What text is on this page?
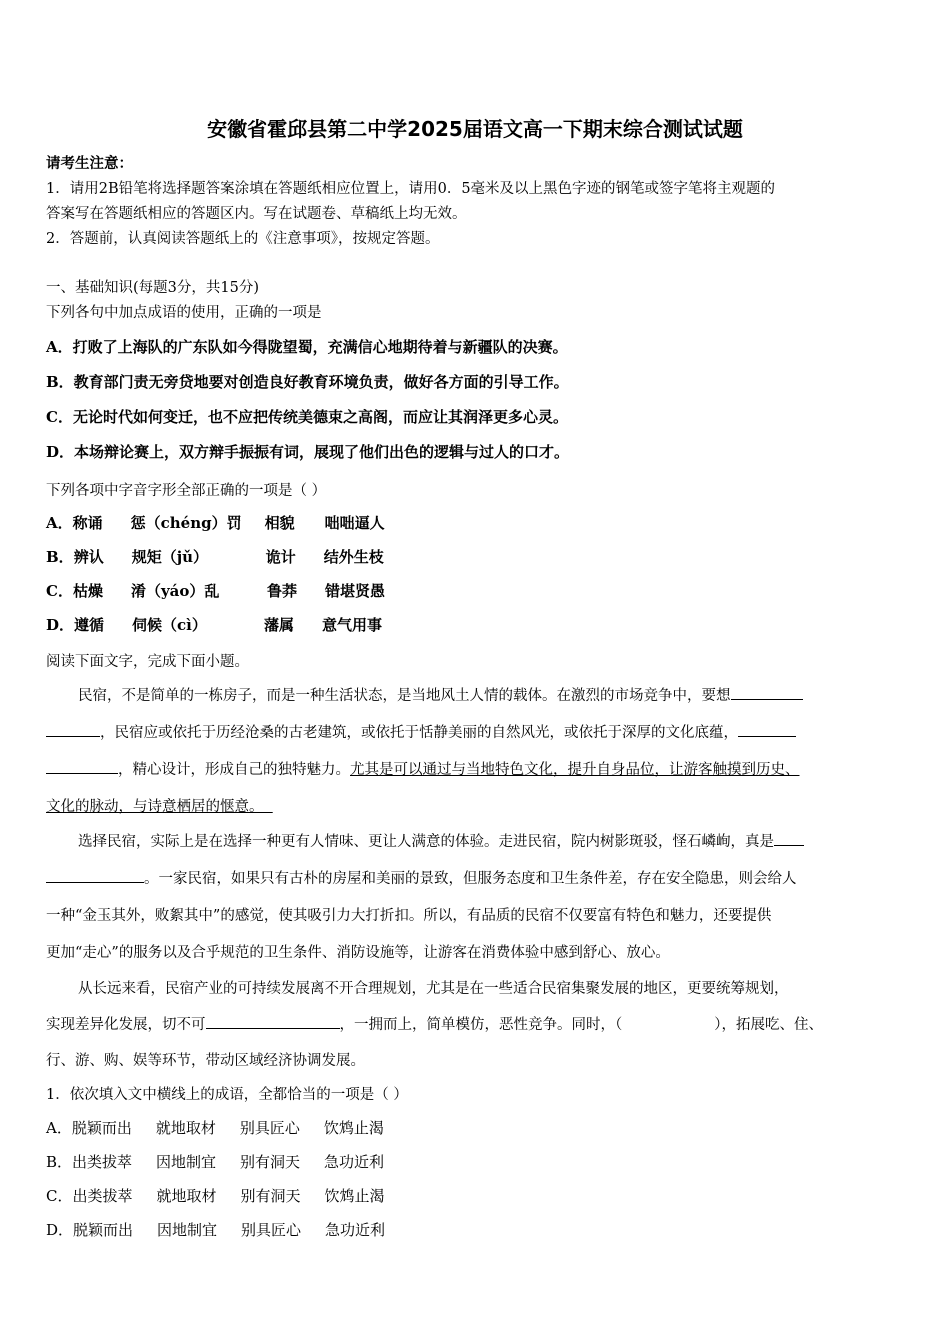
安徽省霍邱县第二中学2025届语文高一下期末综合测试试题
请考生注意：
1．请用2B铅笔将选择题答案涂填在答题纸相应位置上，请用0．5毫米及以上黑色字迹的钢笔或签字笔将主观题的
答案写在答题纸相应的答题区内。写在试题卷、草稿纸上均无效。
2．答题前，认真阅读答题纸上的《注意事项》，按规定答题。
一、基础知识(每题3分，共15分)
下列各句中加点成语的使用，正确的一项是
A．打败了上海队的广东队如今得陇望蜀，充满信心地期待着与新疆队的决赛。
B．教育部门责无旁贷地要对创造良好教育环境负责，做好各方面的引导工作。
C．无论时代如何变迁，也不应把传统美德束之高阁，而应让其润泽更多心灵。
D．本场辩论赛上，双方辩手振振有词，展现了他们出色的逻辑与过人的口才。
下列各项中字音字形全部正确的一项是（ ）
A．称诵 惩（chéng）罚 相貌 咄咄逼人
B．辨认 规矩（jǔ）	诡计 结外生枝
C．枯燥 淆（yáo）乱	鲁莽 错堪贤愚
D．遵循 伺候（cì）	藩属 意气用事
阅读下面文字，完成下面小题。
民宿，不是简单的一栋房子，而是一种生活状态，是当地风土人情的载体。在激烈的市场竞争中，要想
，民宿应或依托于历经沧桑的古老建筑，或依托于恬静美丽的自然风光，或依托于深厚的文化底蕴，
，精心设计，形成自己的独特魅力。尤其是可以通过与当地特色文化，提升自身品位，让游客触摸到历史、
文化的脉动，与诗意栖居的惬意。
选择民宿，实际上是在选择一种更有人情味、更让人满意的体验。走进民宿，院内树影斑驳，怪石嶙峋，真是
。一家民宿，如果只有古朴的房屋和美丽的景致，但服务态度和卫生条件差，存在安全隐患，则会给人
一种“金玉其外，败絮其中”的感觉，使其吸引力大打折扣。所以，有品质的民宿不仅要富有特色和魅力，还要提供
更加“走心”的服务以及合乎规范的卫生条件、消防设施等，让游客在消费体验中感到舒心、放心。
从长远来看，民宿产业的可持续发展离不开合理规划，尤其是在一些适合民宿集聚发展的地区，更要统筹规划，
实现差异化发展，切不可	，一拥而上，简单模仿，恶性竞争。同时，（	），拓展吃、住、
行、游、购、娱等环节，带动区域经济协调发展。
1．依次填入文中横线上的成语，全都恰当的一项是（ ）
A．脱颖而出 就地取材 别具匠心 饮鸩止渴
B．出类拔萃 因地制宜 别有洞天 急功近利
C．出类拔萃 就地取材 别有洞天 饮鸩止渴
D．脱颖而出 因地制宜 别具匠心 急功近利
